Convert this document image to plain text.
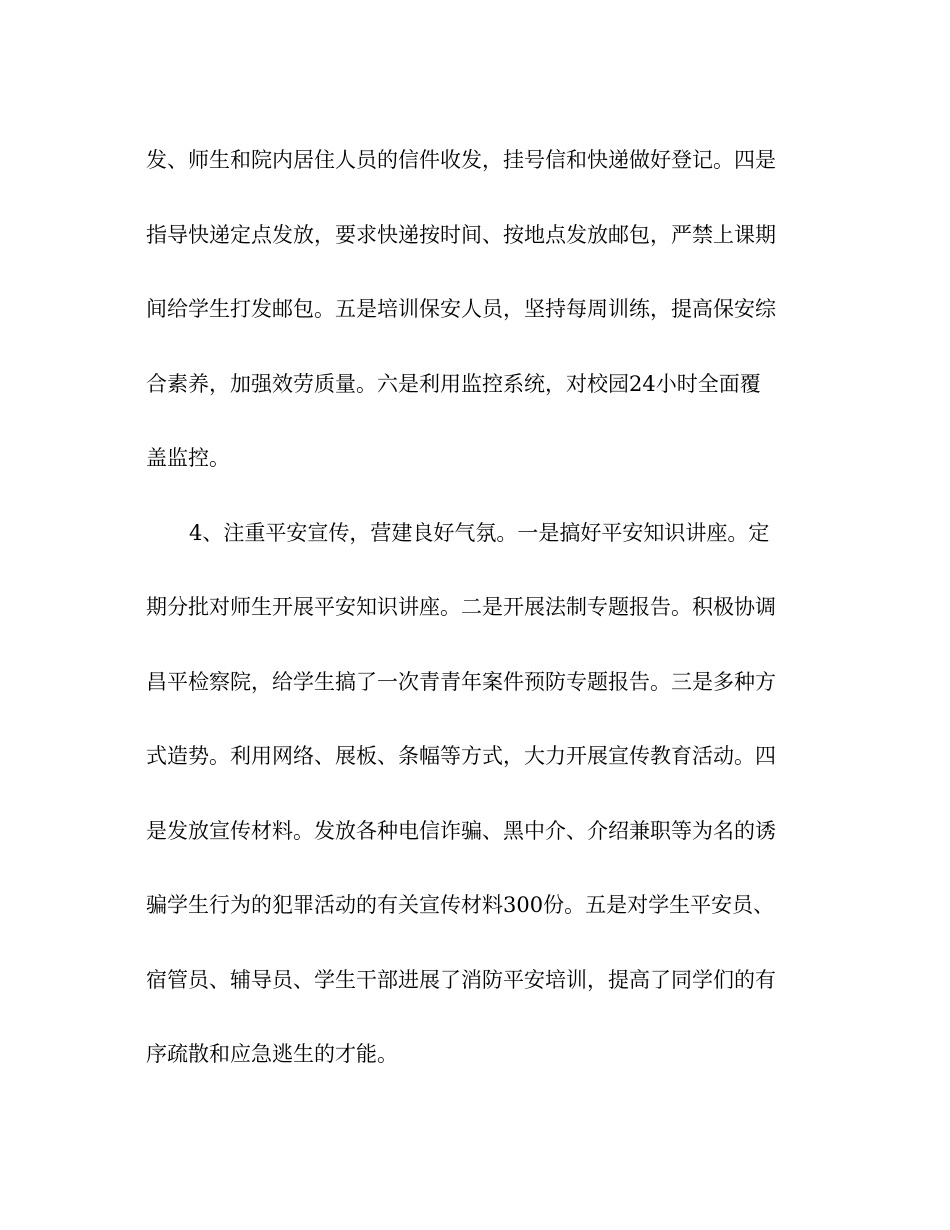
发、师生和院内居住人员的信件收发，挂号信和快递做好登记。四是
指导快递定点发放，要求快递按时间、按地点发放邮包，严禁上课期
间给学生打发邮包。五是培训保安人员，坚持每周训练，提高保安综
合素养，加强效劳质量。六是利用监控系统，对校园24小时全面覆
盖监控。
4、注重平安宣传，营建良好气氛。一是搞好平安知识讲座。定
期分批对师生开展平安知识讲座。二是开展法制专题报告。积极协调
昌平检察院，给学生搞了一次青青年案件预防专题报告。三是多种方
式造势。利用网络、展板、条幅等方式，大力开展宣传教育活动。四
是发放宣传材料。发放各种电信诈骗、黑中介、介绍兼职等为名的诱
骗学生行为的犯罪活动的有关宣传材料300份。五是对学生平安员、
宿管员、辅导员、学生干部进展了消防平安培训，提高了同学们的有
序疏散和应急逃生的才能。
